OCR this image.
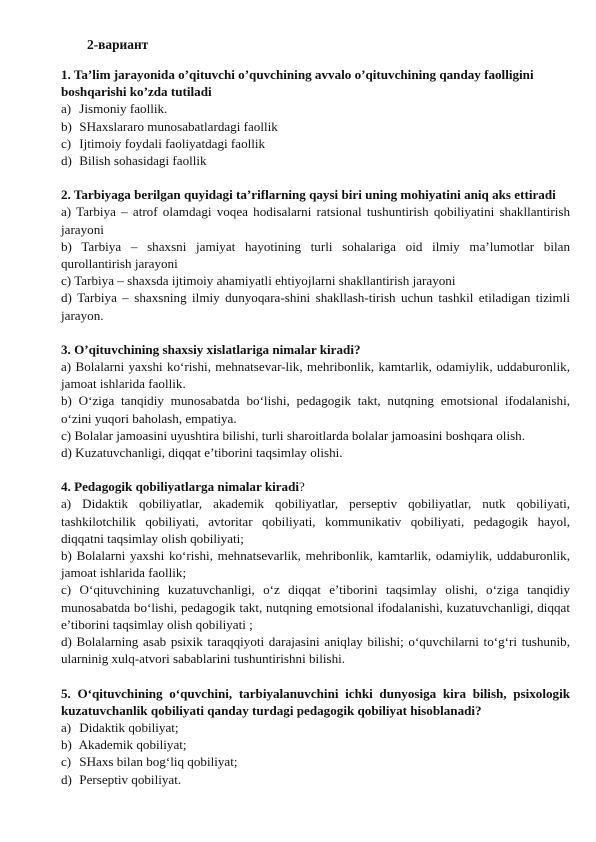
2-вариант
1. Ta’lim jarayonida o’qituvchi o’quvchining avvalo o’qituvchining qanday faolligini boshqarishi ko’zda tutiladi
a) Jismoniy faollik.
b) SHaxslararo munosabatlardagi faollik
c) Ijtimoiy foydali faoliyatdagi faollik
d) Bilish sohasidagi faollik
2. Tarbiyaga berilgan quyidagi ta’riflarning qaysi biri uning mohiyatini aniq aks ettiradi
a) Tarbiya – atrof olamdagi voqea hodisalarni ratsional tushuntirish qobiliyatini shakllantirish jarayoni
b) Tarbiya – shaxsni jamiyat hayotining turli sohalariga oid ilmiy ma’lumotlar bilan qurollantirish jarayoni
c) Tarbiya – shaxsda ijtimoiy ahamiyatli ehtiyojlarni shakllantirish jarayoni
d) Tarbiya – shaxsning ilmiy dunyoqara-shini shakllash-tirish uchun tashkil etiladigan tizimli jarayon.
3. O’qituvchining shaxsiy xislatlariga nimalar kiradi?
a) Bolalarni yaxshi ko‘rishi, mehnatsevar-lik, mehribonlik, kamtarlik, odamiylik, uddaburonlik, jamoat ishlarida faollik.
b) O‘ziga tanqidiy munosabatda bo‘lishi, pedagogik takt, nutqning emotsional ifodalanishi, o‘zini yuqori baholash, empatiya.
c) Bolalar jamoasini uyushtira bilishi, turli sharoitlarda bolalar jamoasini boshqara olish.
d) Kuzatuvchanligi, diqqat e’tiborini taqsimlay olishi.
4. Pedagogik qobiliyatlarga nimalar kiradi?
a) Didaktik qobiliyatlar, akademik qobiliyatlar, perseptiv qobiliyatlar, nutk qobiliyati, tashkilotchilik qobiliyati, avtoritar qobiliyati, kommunikativ qobiliyati, pedagogik hayol, diqqatni taqsimlay olish qobiliyati;
b) Bolalarni yaxshi ko‘rishi, mehnatsevarlik, mehribonlik, kamtarlik, odamiylik, uddaburonlik, jamoat ishlarida faollik;
c) O‘qituvchining kuzatuvchanligi, o‘z diqqat e’tiborini taqsimlay olishi, o‘ziga tanqidiy munosabatda bo‘lishi, pedagogik takt, nutqning emotsional ifodalanishi, kuzatuvchanligi, diqqat e’tiborini taqsimlay olish qobiliyati ;
d) Bolalarning asab psixik taraqqiyoti darajasini aniqlay bilishi; o‘quvchilarni to‘g‘ri tushunib, ularninig xulq-atvori sabablarini tushuntirishni bilishi.
5. O‘qituvchining o‘quvchini, tarbiyalanuvchini ichki dunyosiga kira bilish, psixologik kuzatuvchanlik qobiliyati qanday turdagi pedagogik qobiliyat hisoblanadi?
a) Didaktik qobiliyat;
b) Akademik qobiliyat;
c) SHaxs bilan bog‘liq qobiliyat;
d) Perseptiv qobiliyat.
